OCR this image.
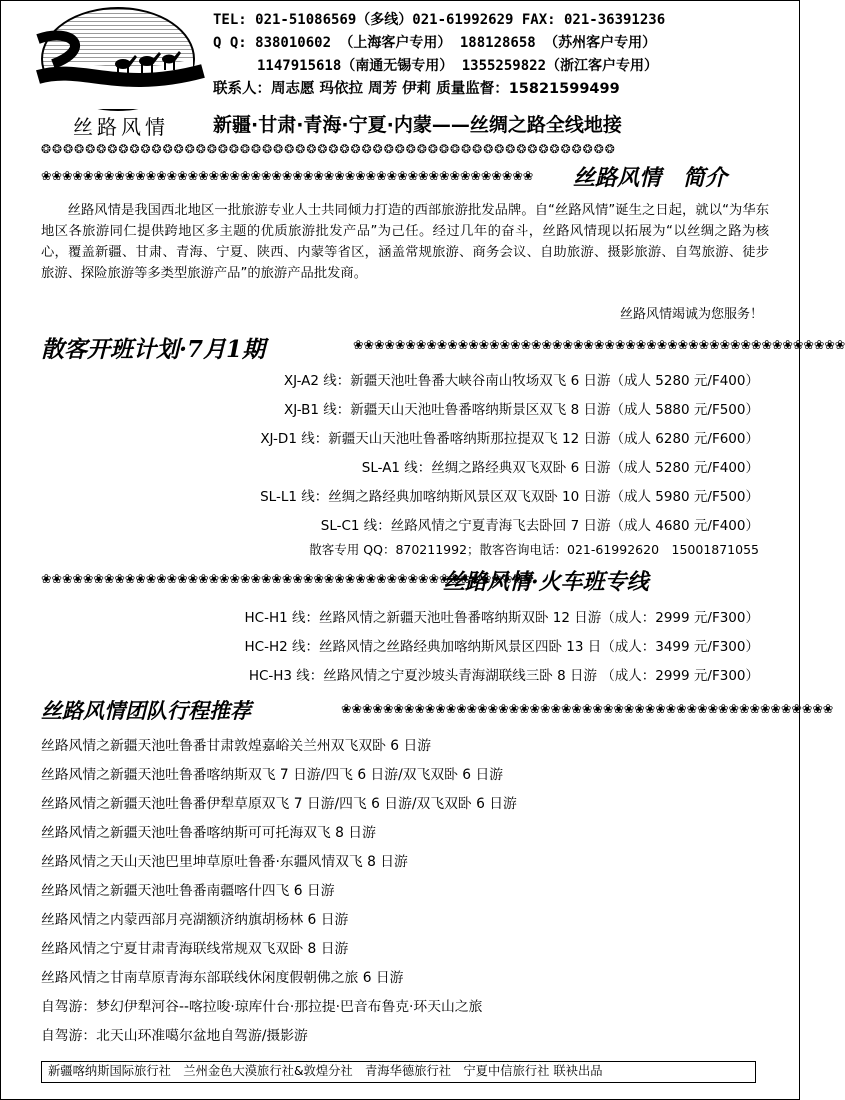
丝路风情
TEL: 021-51086569（多线）021-61992629 FAX: 021-36391236
Q Q: 838010602 （上海客户专用） 188128658 （苏州客户专用）
1147915618（南通无锡专用） 1355259822（浙江客户专用）
联系人：周志愿 玛依拉 周芳 伊莉 质量监督：15821599499
新疆·甘肃·青海·宁夏·内蒙——丝绸之路全线地接
❂❂❂❂❂❂❂❂❂❂❂❂❂❂❂❂❂❂❂❂❂❂❂❂❂❂❂❂❂❂❂❂❂❂❂❂❂❂❂❂❂❂❂❂❂❂❂❂❂❂❂❂
❀❀❀❀❀❀❀❀❀❀❀❀❀❀❀❀❀❀❀❀❀❀❀❀❀❀❀❀❀❀❀❀❀❀❀❀❀❀❀❀❀❀❀❀❀❀❀	丝路风情　简介

丝路风情是我国西北地区一批旅游专业人士共同倾力打造的西部旅游批发品牌。自“丝路风情”诞生之日起，就以“为华东地区各旅游同仁提供跨地区多主题的优质旅游批发产品”为己任。经过几年的奋斗，丝路风情现以拓展为“以丝绸之路为核心，覆盖新疆、甘肃、青海、宁夏、陕西、内蒙等省区，涵盖常规旅游、商务会议、自助旅游、摄影旅游、自驾旅游、徒步旅游、探险旅游等多类型旅游产品”的旅游产品批发商。

丝路风情竭诚为您服务！
散客开班计划·7月1期	❀❀❀❀❀❀❀❀❀❀❀❀❀❀❀❀❀❀❀❀❀❀❀❀❀❀❀❀❀❀❀❀❀❀❀❀❀❀❀❀❀❀❀❀❀❀❀
XJ-A2 线：新疆天池吐鲁番大峡谷南山牧场双飞 6 日游（成人 5280 元/F400）
XJ-B1 线：新疆天山天池吐鲁番喀纳斯景区双飞 8 日游（成人 5880 元/F500）
XJ-D1 线：新疆天山天池吐鲁番喀纳斯那拉提双飞 12 日游（成人 6280 元/F600）
SL-A1 线：丝绸之路经典双飞双卧 6 日游（成人 5280 元/F400）
SL-L1 线：丝绸之路经典加喀纳斯风景区双飞双卧 10 日游（成人 5980 元/F500）
SL-C1 线：丝路风情之宁夏青海飞去卧回 7 日游（成人 4680 元/F400）
散客专用 QQ：870211992；散客咨询电话：021-61992620　15001871055
❀❀❀❀❀❀❀❀❀❀❀❀❀❀❀❀❀❀❀❀❀❀❀❀❀❀❀❀❀❀❀❀❀❀❀❀❀❀❀❀❀❀❀❀❀❀❀
丝路风情·火车班专线
HC-H1 线：丝路风情之新疆天池吐鲁番喀纳斯双卧 12 日游（成人：2999 元/F300）
HC-H2 线：丝路风情之丝路经典加喀纳斯风景区四卧 13 日（成人：3499 元/F300）
HC-H3 线：丝路风情之宁夏沙坡头青海湖联线三卧 8 日游 （成人：2999 元/F300）
丝路风情团队行程推荐	❀❀❀❀❀❀❀❀❀❀❀❀❀❀❀❀❀❀❀❀❀❀❀❀❀❀❀❀❀❀❀❀❀❀❀❀❀❀❀❀❀❀❀❀❀❀❀
丝路风情之新疆天池吐鲁番甘肃敦煌嘉峪关兰州双飞双卧 6 日游
丝路风情之新疆天池吐鲁番喀纳斯双飞 7 日游/四飞 6 日游/双飞双卧 6 日游
丝路风情之新疆天池吐鲁番伊犁草原双飞 7 日游/四飞 6 日游/双飞双卧 6 日游
丝路风情之新疆天池吐鲁番喀纳斯可可托海双飞 8 日游
丝路风情之天山天池巴里坤草原吐鲁番·东疆风情双飞 8 日游
丝路风情之新疆天池吐鲁番南疆喀什四飞 6 日游
丝路风情之内蒙西部月亮湖额济纳旗胡杨林 6 日游
丝路风情之宁夏甘肃青海联线常规双飞双卧 8 日游
丝路风情之甘南草原青海东部联线休闲度假朝佛之旅 6 日游
自驾游：梦幻伊犁河谷--喀拉唆·琼库什台·那拉提·巴音布鲁克·环天山之旅
自驾游：北天山环准噶尔盆地自驾游/摄影游
新疆喀纳斯国际旅行社　兰州金色大漠旅行社&敦煌分社　青海华德旅行社　宁夏中信旅行社 联袂出品
